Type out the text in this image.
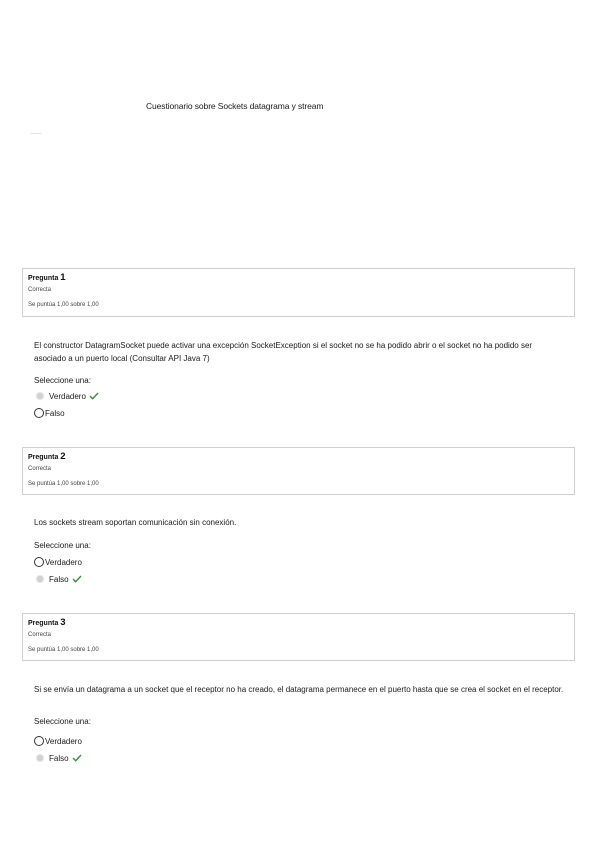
Cuestionario sobre Sockets datagrama y stream
Pregunta 1
Correcta
Se puntúa 1,00 sobre 1,00
El constructor DatagramSocket puede activar una excepción SocketException si el socket no se ha podido abrir o el socket no ha podido ser asociado a un puerto local (Consultar API Java 7)
Seleccione una:
Verdadero
Falso
Pregunta 2
Correcta
Se puntúa 1,00 sobre 1,00
Los sockets stream soportan comunicación sin conexión.
Seleccione una:
Verdadero
Falso
Pregunta 3
Correcta
Se puntúa 1,00 sobre 1,00
Si se envía un datagrama a un socket que el receptor no ha creado, el datagrama permanece en el puerto hasta que se crea el socket en el receptor.
Seleccione una:
Verdadero
Falso
